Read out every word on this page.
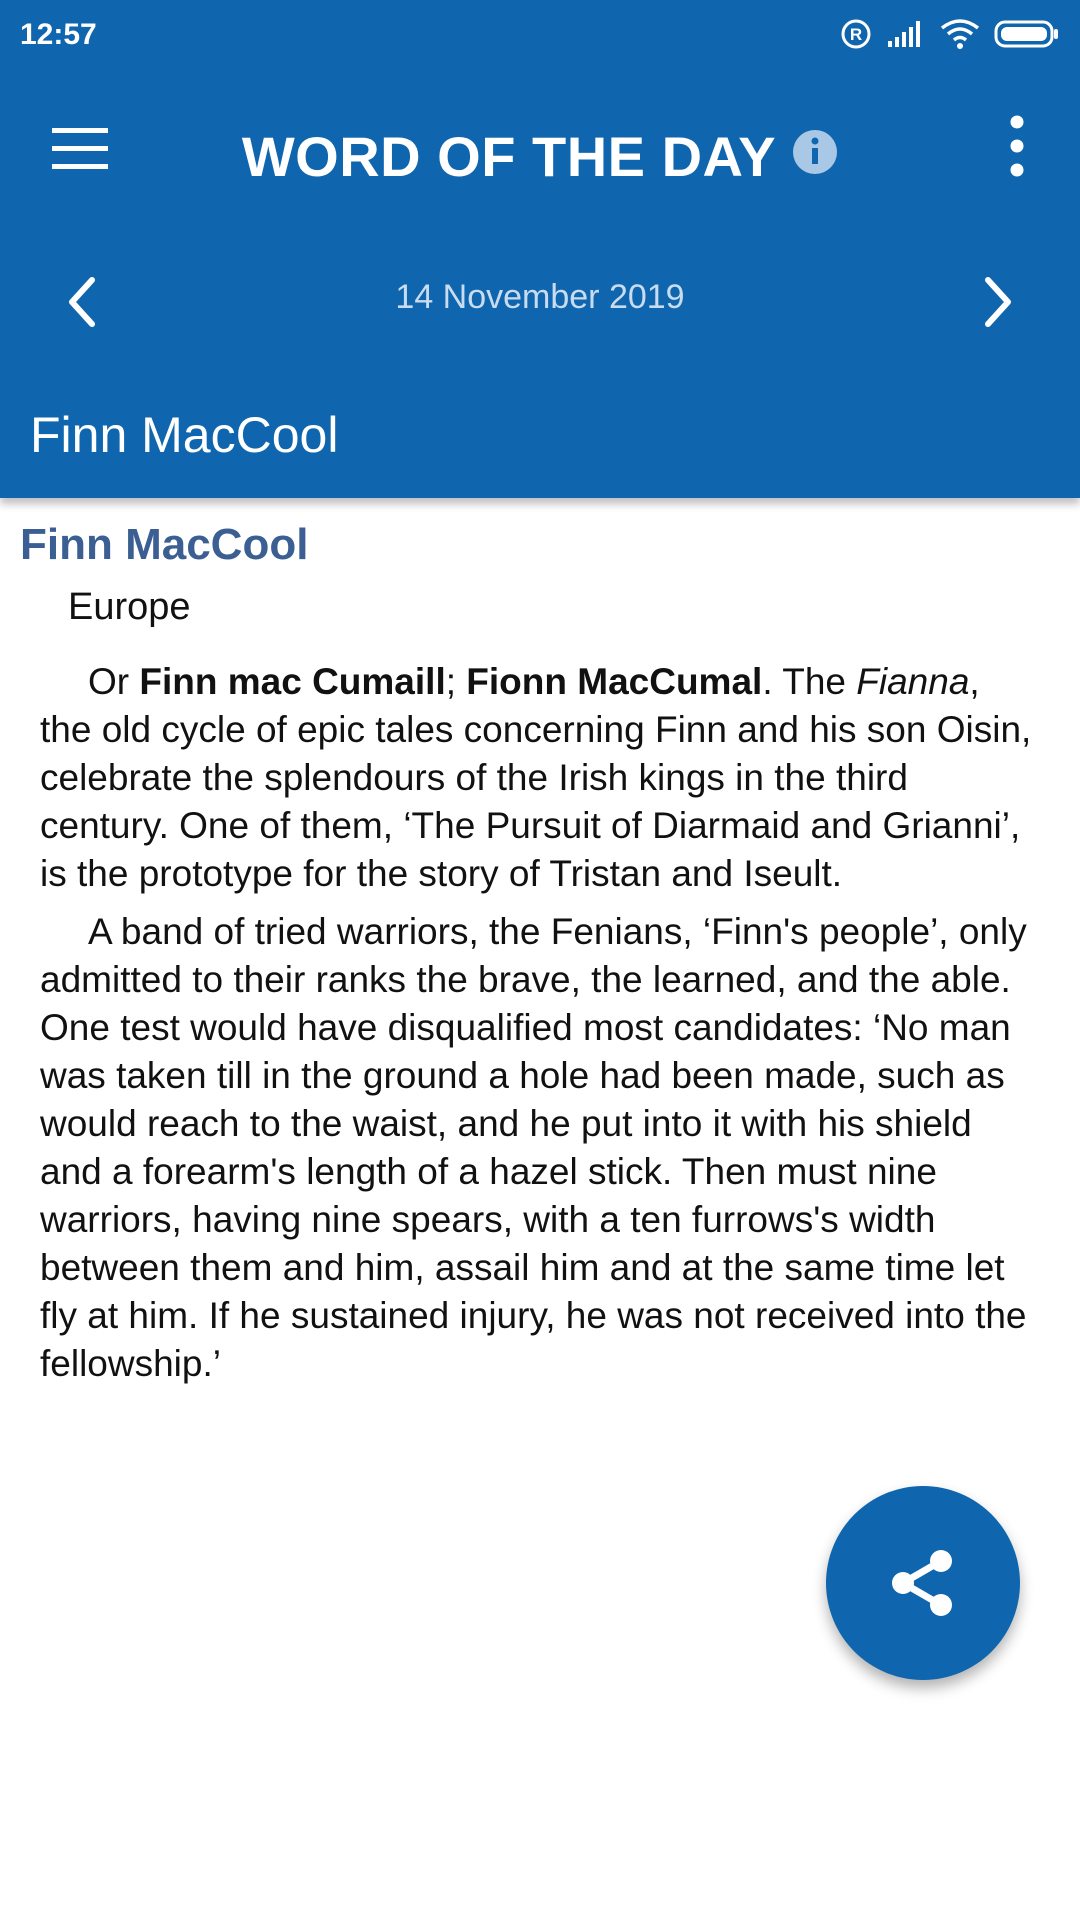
12:57	R
WORD OF THE DAY
14 November 2019
Finn MacCool
Finn MacCool
Europe

Or Finn mac Cumaill; Fionn MacCumal. The Fianna, the old cycle of epic tales concerning Finn and his son Oisin, celebrate the splendours of the Irish kings in the third century. One of them, ‘The Pursuit of Diarmaid and Grianni’, is the prototype for the story of Tristan and Iseult.

A band of tried warriors, the Fenians, ‘Finn's people’, only admitted to their ranks the brave, the learned, and the able. One test would have disqualified most candidates: ‘No man was taken till in the ground a hole had been made, such as would reach to the waist, and he put into it with his shield and a forearm's length of a hazel stick. Then must nine warriors, having nine spears, with a ten furrows's width between them and him, assail him and at the same time let fly at him. If he sustained injury, he was not received into the fellowship.’
